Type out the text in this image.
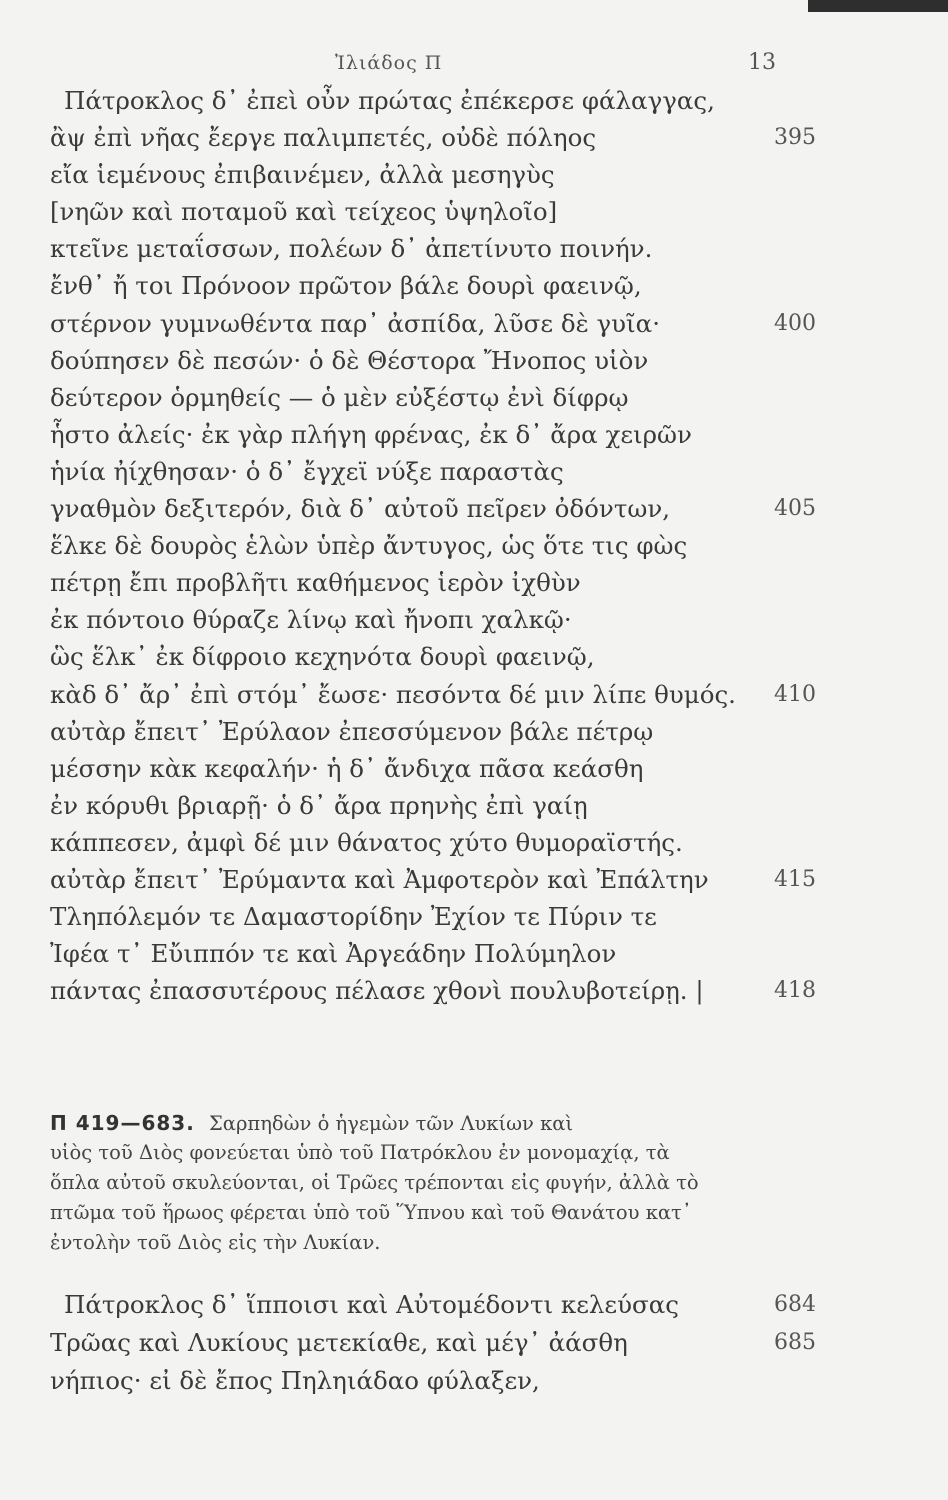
Ἰλιάδος Π	13
Πάτροκλος δ᾽ ἐπεὶ οὖν πρώτας ἐπέκερσε φάλαγγας,
ἂψ ἐπὶ νῆας ἔεργε παλιμπετές, οὐδὲ πόληος	395
εἴα ἱεμένους ἐπιβαινέμεν, ἀλλὰ μεσηγὺς
[νηῶν καὶ ποταμοῦ καὶ τείχεος ὑψηλοῖο]
κτεῖνε μεταΐσσων, πολέων δ᾽ ἀπετίνυτο ποινήν.
ἔνθ᾽ ἤ τοι Πρόνοον πρῶτον βάλε δουρὶ φαεινῷ,
στέρνον γυμνωθέντα παρ᾽ ἀσπίδα, λῦσε δὲ γυῖα·	400
δούπησεν δὲ πεσών· ὁ δὲ Θέστορα Ἤνοπος υἱὸν
δεύτερον ὁρμηθείς — ὁ μὲν εὐξέστῳ ἐνὶ δίφρῳ
ἧστο ἀλείς· ἐκ γὰρ πλήγη φρένας, ἐκ δ᾽ ἄρα χειρῶν
ἡνία ἠίχθησαν· ὁ δ᾽ ἔγχεϊ νύξε παραστὰς
γναθμὸν δεξιτερόν, διὰ δ᾽ αὐτοῦ πεῖρεν ὀδόντων,	405
ἕλκε δὲ δουρὸς ἑλὼν ὑπὲρ ἄντυγος, ὡς ὅτε τις φὼς
πέτρῃ ἔπι προβλῆτι καθήμενος ἱερὸν ἰχθὺν
ἐκ πόντοιο θύραζε λίνῳ καὶ ἤνοπι χαλκῷ·
ὣς ἕλκ᾽ ἐκ δίφροιο κεχηνότα δουρὶ φαεινῷ,
κὰδ δ᾽ ἄρ᾽ ἐπὶ στόμ᾽ ἔωσε· πεσόντα δέ μιν λίπε θυμός. 410
αὐτὰρ ἔπειτ᾽ Ἐρύλαον ἐπεσσύμενον βάλε πέτρῳ
μέσσην κὰκ κεφαλήν· ἡ δ᾽ ἄνδιχα πᾶσα κεάσθη
ἐν κόρυθι βριαρῇ· ὁ δ᾽ ἄρα πρηνὴς ἐπὶ γαίῃ
κάππεσεν, ἀμφὶ δέ μιν θάνατος χύτο θυμοραϊστής.
αὐτὰρ ἔπειτ᾽ Ἐρύμαντα καὶ Ἀμφοτερὸν καὶ Ἐπάλτην	415
Τληπόλεμόν τε Δαμαστορίδην Ἐχίον τε Πύριν τε
Ἰφέα τ᾽ Εὔιππόν τε καὶ Ἀργεάδην Πολύμηλον
πάντας ἐπασσυτέρους πέλασε χθονὶ πουλυβοτείρῃ. |	418
Π 419—683. Σαρπηδὼν ὁ ἡγεμὼν τῶν Λυκίων καὶ
υἱὸς τοῦ Διὸς φονεύεται ὑπὸ τοῦ Πατρόκλου ἐν μονομαχίᾳ, τὰ
ὅπλα αὐτοῦ σκυλεύονται, οἱ Τρῶες τρέπονται εἰς φυγήν, ἀλλὰ τὸ
πτῶμα τοῦ ἥρωος φέρεται ὑπὸ τοῦ Ὕπνου καὶ τοῦ Θανάτου κατ᾽
ἐντολὴν τοῦ Διὸς εἰς τὴν Λυκίαν.
Πάτροκλος δ᾽ ἵπποισι καὶ Αὐτομέδοντι κελεύσας	684
Τρῶας καὶ Λυκίους μετεκίαθε, καὶ μέγ᾽ ἀάσθη	685
νήπιος· εἰ δὲ ἔπος Πηληιάδαο φύλαξεν,
